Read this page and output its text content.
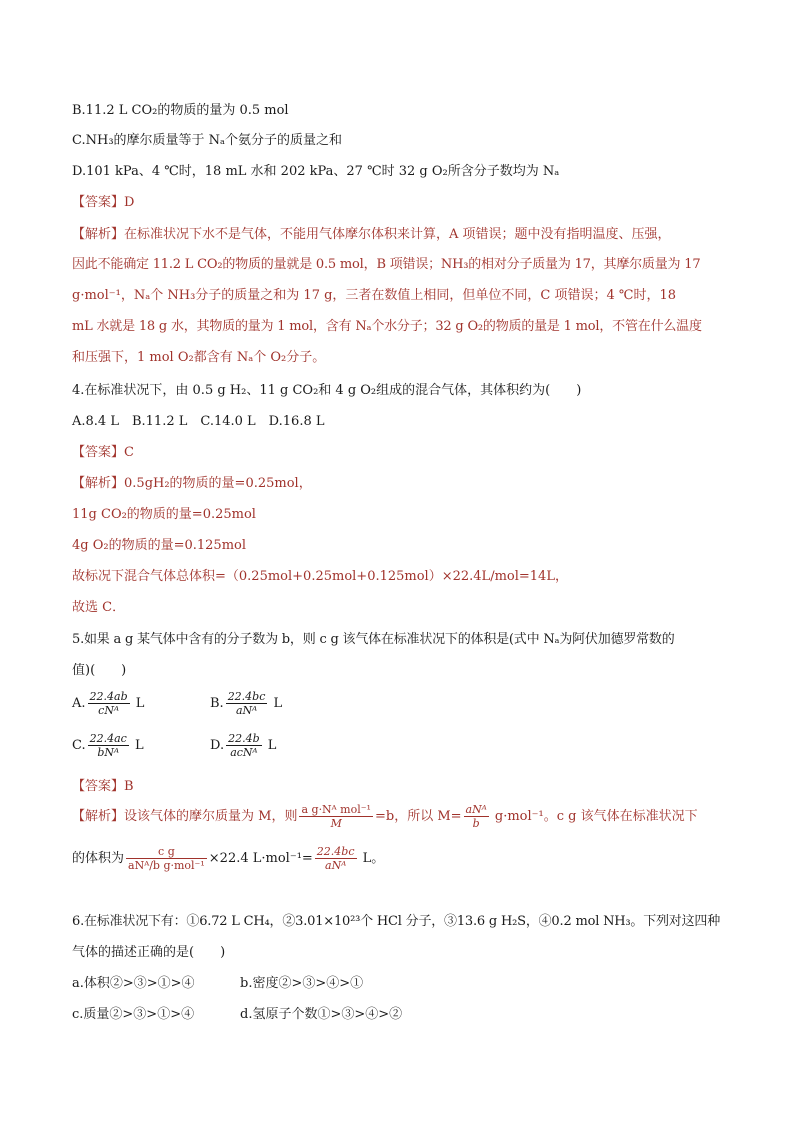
B.11.2 L CO₂的物质的量为 0.5 mol
C.NH₃的摩尔质量等于 Nₐ个氨分子的质量之和
D.101 kPa、4 ℃时，18 mL 水和 202 kPa、27 ℃时 32 g O₂所含分子数均为 Nₐ
【答案】D
【解析】在标准状况下水不是气体，不能用气体摩尔体积来计算，A 项错误；题中没有指明温度、压强，
因此不能确定 11.2 L CO₂的物质的量就是 0.5 mol，B 项错误；NH₃的相对分子质量为 17，其摩尔质量为 17
g·mol⁻¹，Nₐ个 NH₃分子的质量之和为 17 g，三者在数值上相同，但单位不同，C 项错误；4 ℃时，18
mL 水就是 18 g 水，其物质的量为 1 mol，含有 Nₐ个水分子；32 g O₂的物质的量是 1 mol，不管在什么温度
和压强下，1 mol O₂都含有 Nₐ个 O₂分子。
4.在标准状况下，由 0.5 g H₂、11 g CO₂和 4 g O₂组成的混合气体，其体积约为(　　)
A.8.4 L　B.11.2 L　C.14.0 L　D.16.8 L
【答案】C
【解析】0.5gH₂的物质的量=0.25mol，
11g CO₂的物质的量=0.25mol
4g O₂的物质的量=0.125mol
故标况下混合气体总体积=（0.25mol+0.25mol+0.125mol）×22.4L/mol=14L，
故选 C．
5.如果 a g 某气体中含有的分子数为 b，则 c g 该气体在标准状况下的体积是(式中 Nₐ为阿伏加德罗常数的
值)(　　)
A. $\frac{22.4ab}{\text{cNᴬ}}$ L	B. $\frac{22.4bc}{\text{aNᴬ}}$ L
C. $\frac{22.4ac}{\text{bNᴬ}}$ L	D. $\frac{22.4b}{\text{acNᴬ}}$ L
【答案】B
【解析】设该气体的摩尔质量为 M，则 $\frac{\text{a g·Nᴬ mol⁻¹}}{M} =b$，所以 $M= \frac{\text{aNᴬ}}{b} g\cdot mol^{-1}$。c g 该气体在标准状况下
的体积为 $\frac{\text{c g}}{\text{aNᴬ/b g·mol⁻¹}} \times 22.4$ $L\cdot mol^{-1}= \frac{22.4bc}{\text{aNᴬ}}$ L。
6.在标准状况下有：①6.72 L CH₄，②3.01×10²³个 HCl 分子，③13.6 g H₂S，④0.2 mol NH₃。下列对这四种
气体的描述正确的是(　　)
a.体积②>③>①>④	b.密度②>③>④>①
c.质量②>③>①>④	d.氢原子个数①>③>④>②
